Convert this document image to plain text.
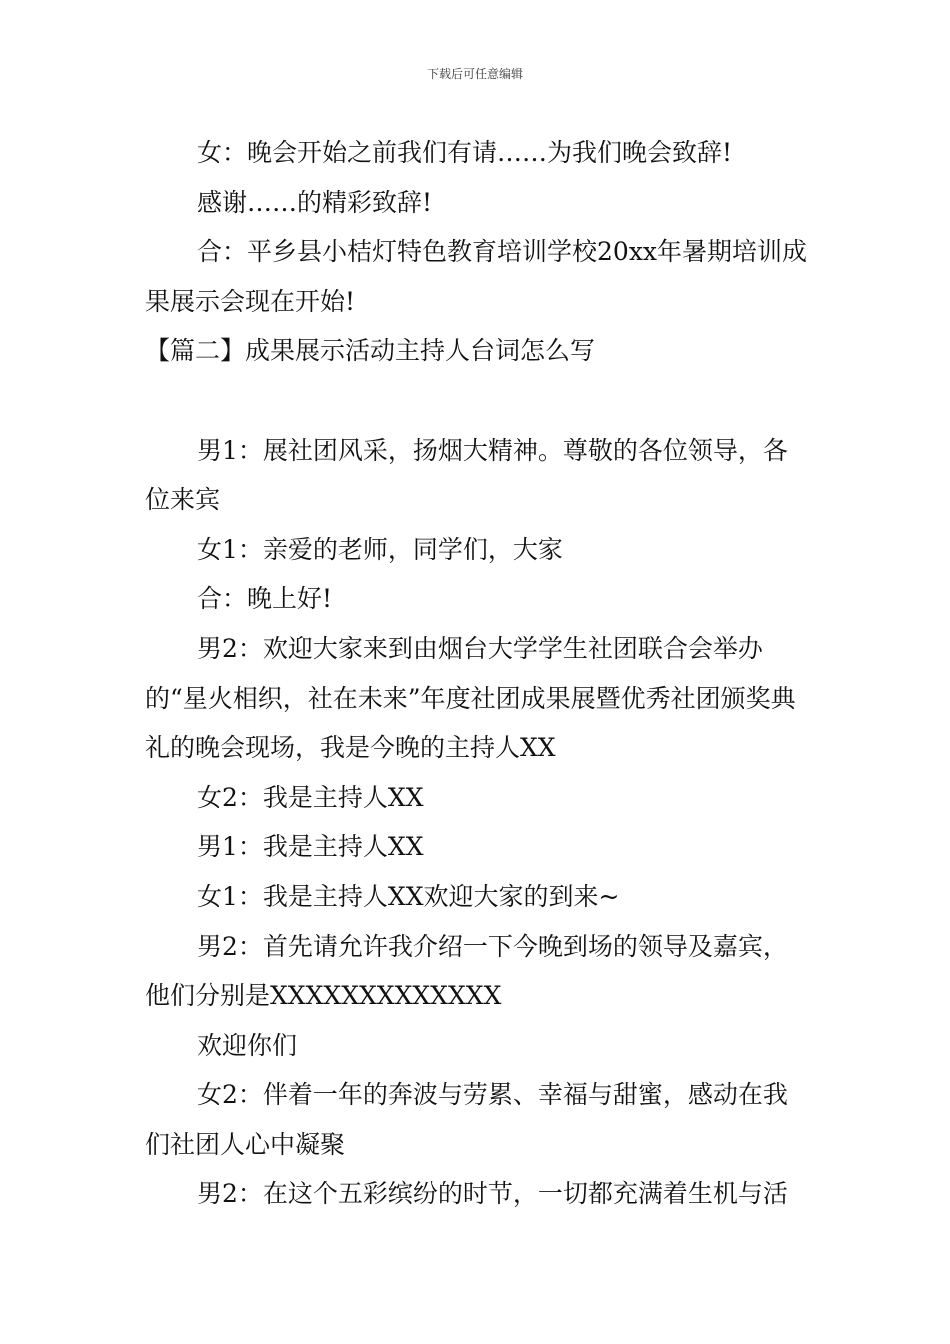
下载后可任意编辑

女：晚会开始之前我们有请……为我们晚会致辞!

感谢……的精彩致辞!

合：平乡县小桔灯特色教育培训学校20xx年暑期培训成果展示会现在开始!

【篇二】成果展示活动主持人台词怎么写

男1：展社团风采，扬烟大精神。尊敬的各位领导，各位来宾

女1：亲爱的老师，同学们，大家

合：晚上好!

男2：欢迎大家来到由烟台大学学生社团联合会举办的“星火相织，社在未来”年度社团成果展暨优秀社团颁奖典礼的晚会现场，我是今晚的主持人XX

女2：我是主持人XX

男1：我是主持人XX

女1：我是主持人XX欢迎大家的到来~

男2：首先请允许我介绍一下今晚到场的领导及嘉宾，他们分别是XXXXXXXXXXXXX

欢迎你们

女2：伴着一年的奔波与劳累、幸福与甜蜜，感动在我们社团人心中凝聚

男2：在这个五彩缤纷的时节，一切都充满着生机与活
